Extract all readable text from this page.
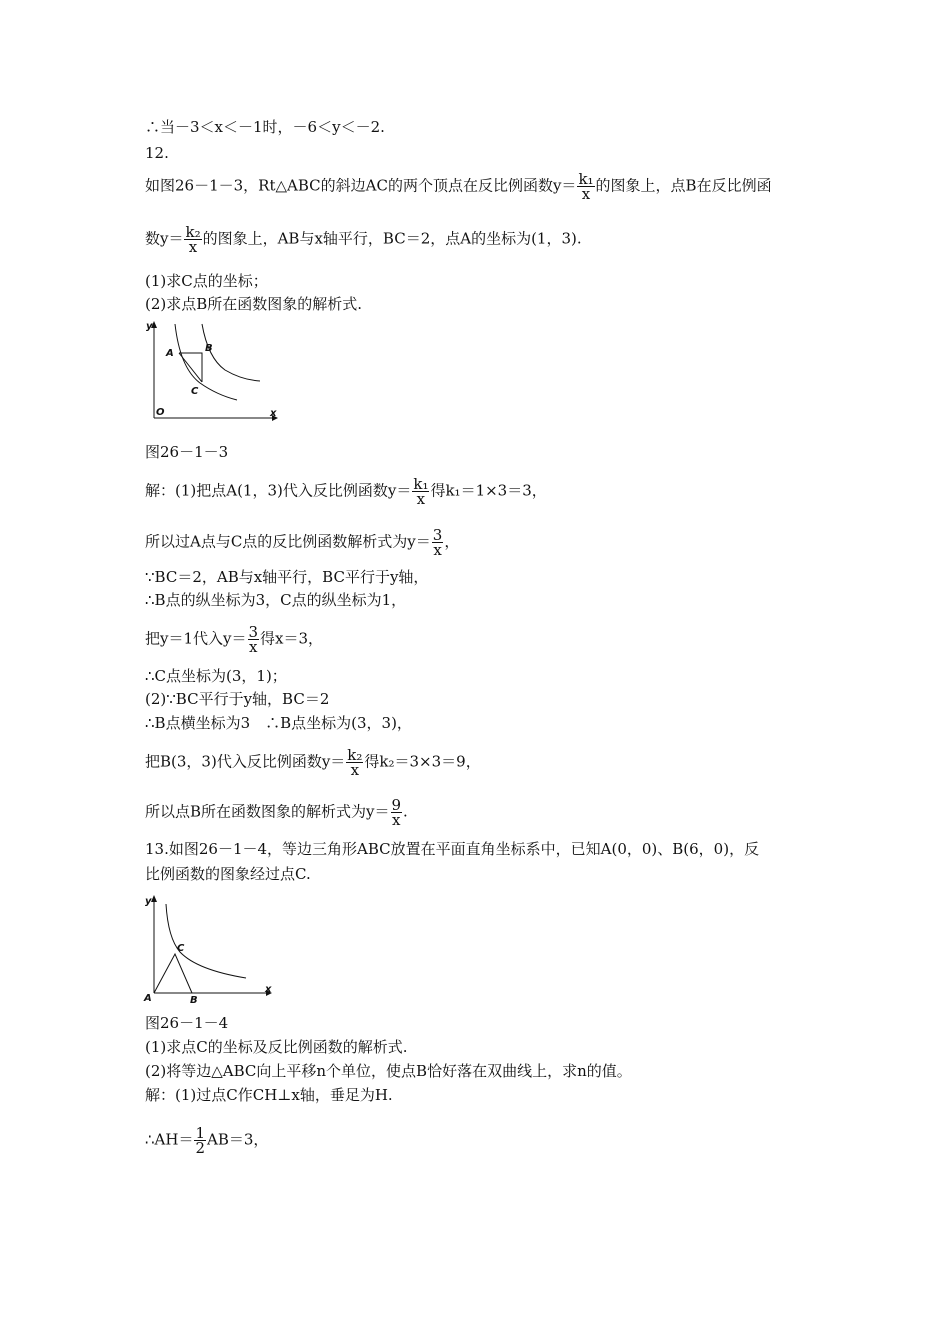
∴当－3＜x＜－1时，－6＜y＜－2.
12.
如图26－1－3，Rt△ABC的斜边AC的两个顶点在反比例函数$y= \frac{\text{k₁}}{x}$ 的图象上，点B在反比例函
数$y= \frac{\text{k₂}}{x}$ 的图象上，AB与x轴平行，BC＝2，点A的坐标为(1，3).
(1)求C点的坐标；
(2)求点B所在函数图象的解析式.
y
x
O
A	B
C
图26－1－3
解：(1)把点A(1，3)代入反比例函数$y= \frac{\text{k₁}}{x}$ 得k₁＝1×3＝3，
所以过A点与C点的反比例函数解析式为$y= \frac{3}{x}$ ，
∵BC＝2，AB与x轴平行，BC平行于y轴，
∴B点的纵坐标为3，C点的纵坐标为1，
把y＝1代入$y= \frac{3}{x}$ 得x＝3，
∴C点坐标为(3，1)；
(2)∵BC平行于y轴，BC＝2
∴B点横坐标为3　∴B点坐标为(3，3)，
把B(3，3)代入反比例函数$y= \frac{\text{k₂}}{x}$ 得k₂＝3×3＝9，
所以点B所在函数图象的解析式为$y= \frac{9}{x}$ .
13.如图26－1－4，等边三角形ABC放置在平面直角坐标系中，已知A(0，0)、B(6，0)，反
比例函数的图象经过点C.
y
x
A	B
C
图26－1－4
(1)求点C的坐标及反比例函数的解析式.
(2)将等边△ABC向上平移n个单位，使点B恰好落在双曲线上，求n的值。
解：(1)过点C作CH⊥x轴，垂足为H.
∴AH＝ $\frac{1}{2} AB=3$，
